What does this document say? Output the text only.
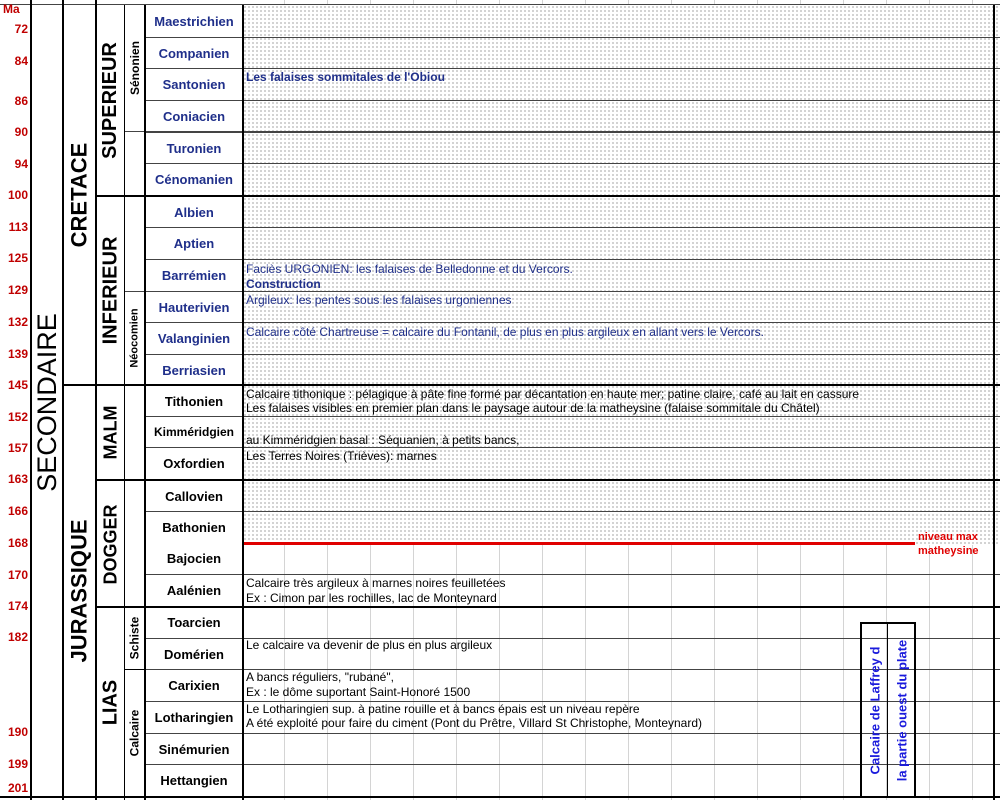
Ma
72
84
86
90
94
100
113
125
129
132
139
145
152
157
163
166
168
170
174
182
190
199
201
SECONDAIRE
CRETACE
JURASSIQUE
SUPERIEUR
INFERIEUR
MALM
DOGGER
LIAS
Sénonien
Néocomien
Schiste
Calcaire
Maestrichien
Companien
Santonien
Coniacien
Turonien
Cénomanien
Albien
Aptien
Barrémien
Hauterivien
Valanginien
Berriasien
Tithonien
Kimméridgien
Oxfordien
Callovien
Bathonien
Bajocien
Aalénien
Toarcien
Domérien
Carixien
Lotharingien
Sinémurien
Hettangien
Les falaises sommitales de l'Obiou
Faciès URGONIEN: les falaises de Belledonne et du Vercors.
Construction
Argileux: les pentes sous les falaises urgoniennes
Calcaire côté Chartreuse = calcaire du Fontanil, de plus en plus argileux en allant vers le Vercors.
Calcaire tithonique : pélagique à pâte fine formé par décantation en haute mer; patine claire, café au lait en cassure
Les falaises visibles en premier plan dans le paysage autour de la matheysine (falaise sommitale du Châtel)
au Kimméridgien basal : Séquanien, à petits bancs,
Les Terres Noires (Trièves): marnes
Calcaire très argileux à marnes noires feuilletées
Ex : Cimon par les rochilles, lac de Monteynard
Le calcaire va devenir de plus en plus argileux
A bancs réguliers, "rubané",
Ex : le dôme suportant Saint-Honoré 1500
Le Lotharingien sup. à patine rouille et à bancs épais est un niveau repère
A été exploité pour faire du ciment (Pont du Prêtre, Villard St Christophe, Monteynard)
niveau max
matheysine
Calcaire de Laffrey d la partie ouest du plate
